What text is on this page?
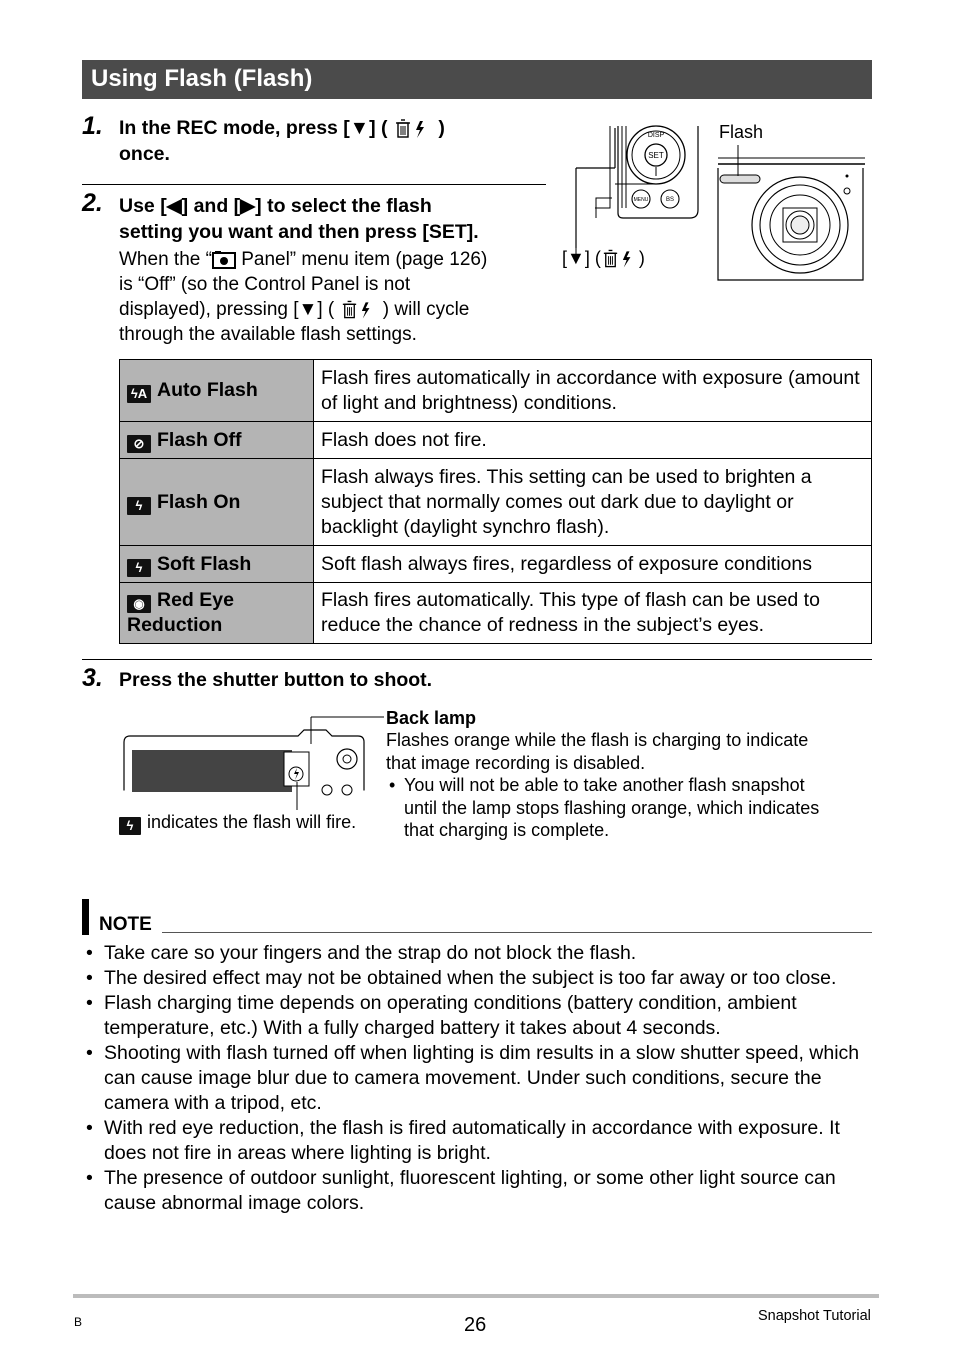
Using Flash (Flash)
1. In the REC mode, press [▼] (	)
once.
2. Use [◀] and [▶] to select the flash
setting you want and then press [SET].
When the “ Panel” menu item (page 126)
is “Off” (so the Control Panel is not
displayed), pressing [▼] (	) will cycle
through the available flash settings.
SET
DISP
MENU	BS
Flash
[▼] ( )
ϟA Auto Flash	Flash fires automatically in accordance with exposure (amount of light and brightness) conditions.
⊘ Flash Off	Flash does not fire.
ϟ Flash On	Flash always fires. This setting can be used to brighten a subject that normally comes out dark due to daylight or backlight (daylight synchro flash).
ϟ Soft Flash	Soft flash always fires, regardless of exposure conditions
◉ Red Eye Reduction	Flash fires automatically. This type of flash can be used to reduce the chance of redness in the subject’s eyes.
3. Press the shutter button to shoot.
Back lamp
Flashes orange while the flash is charging to indicate
that image recording is disabled.
• You will not be able to take another flash snapshot
until the lamp stops flashing orange, which indicates
that charging is complete.
ϟ indicates the flash will fire.
NOTE
• Take care so your fingers and the strap do not block the flash.
• The desired effect may not be obtained when the subject is too far away or too close.
• Flash charging time depends on operating conditions (battery condition, ambient temperature, etc.) With a fully charged battery it takes about 4 seconds.
• Shooting with flash turned off when lighting is dim results in a slow shutter speed, which can cause image blur due to camera movement. Under such conditions, secure the camera with a tripod, etc.
• With red eye reduction, the flash is fired automatically in accordance with exposure. It does not fire in areas where lighting is bright.
• The presence of outdoor sunlight, fluorescent lighting, or some other light source can cause abnormal image colors.
B	26	Snapshot Tutorial
